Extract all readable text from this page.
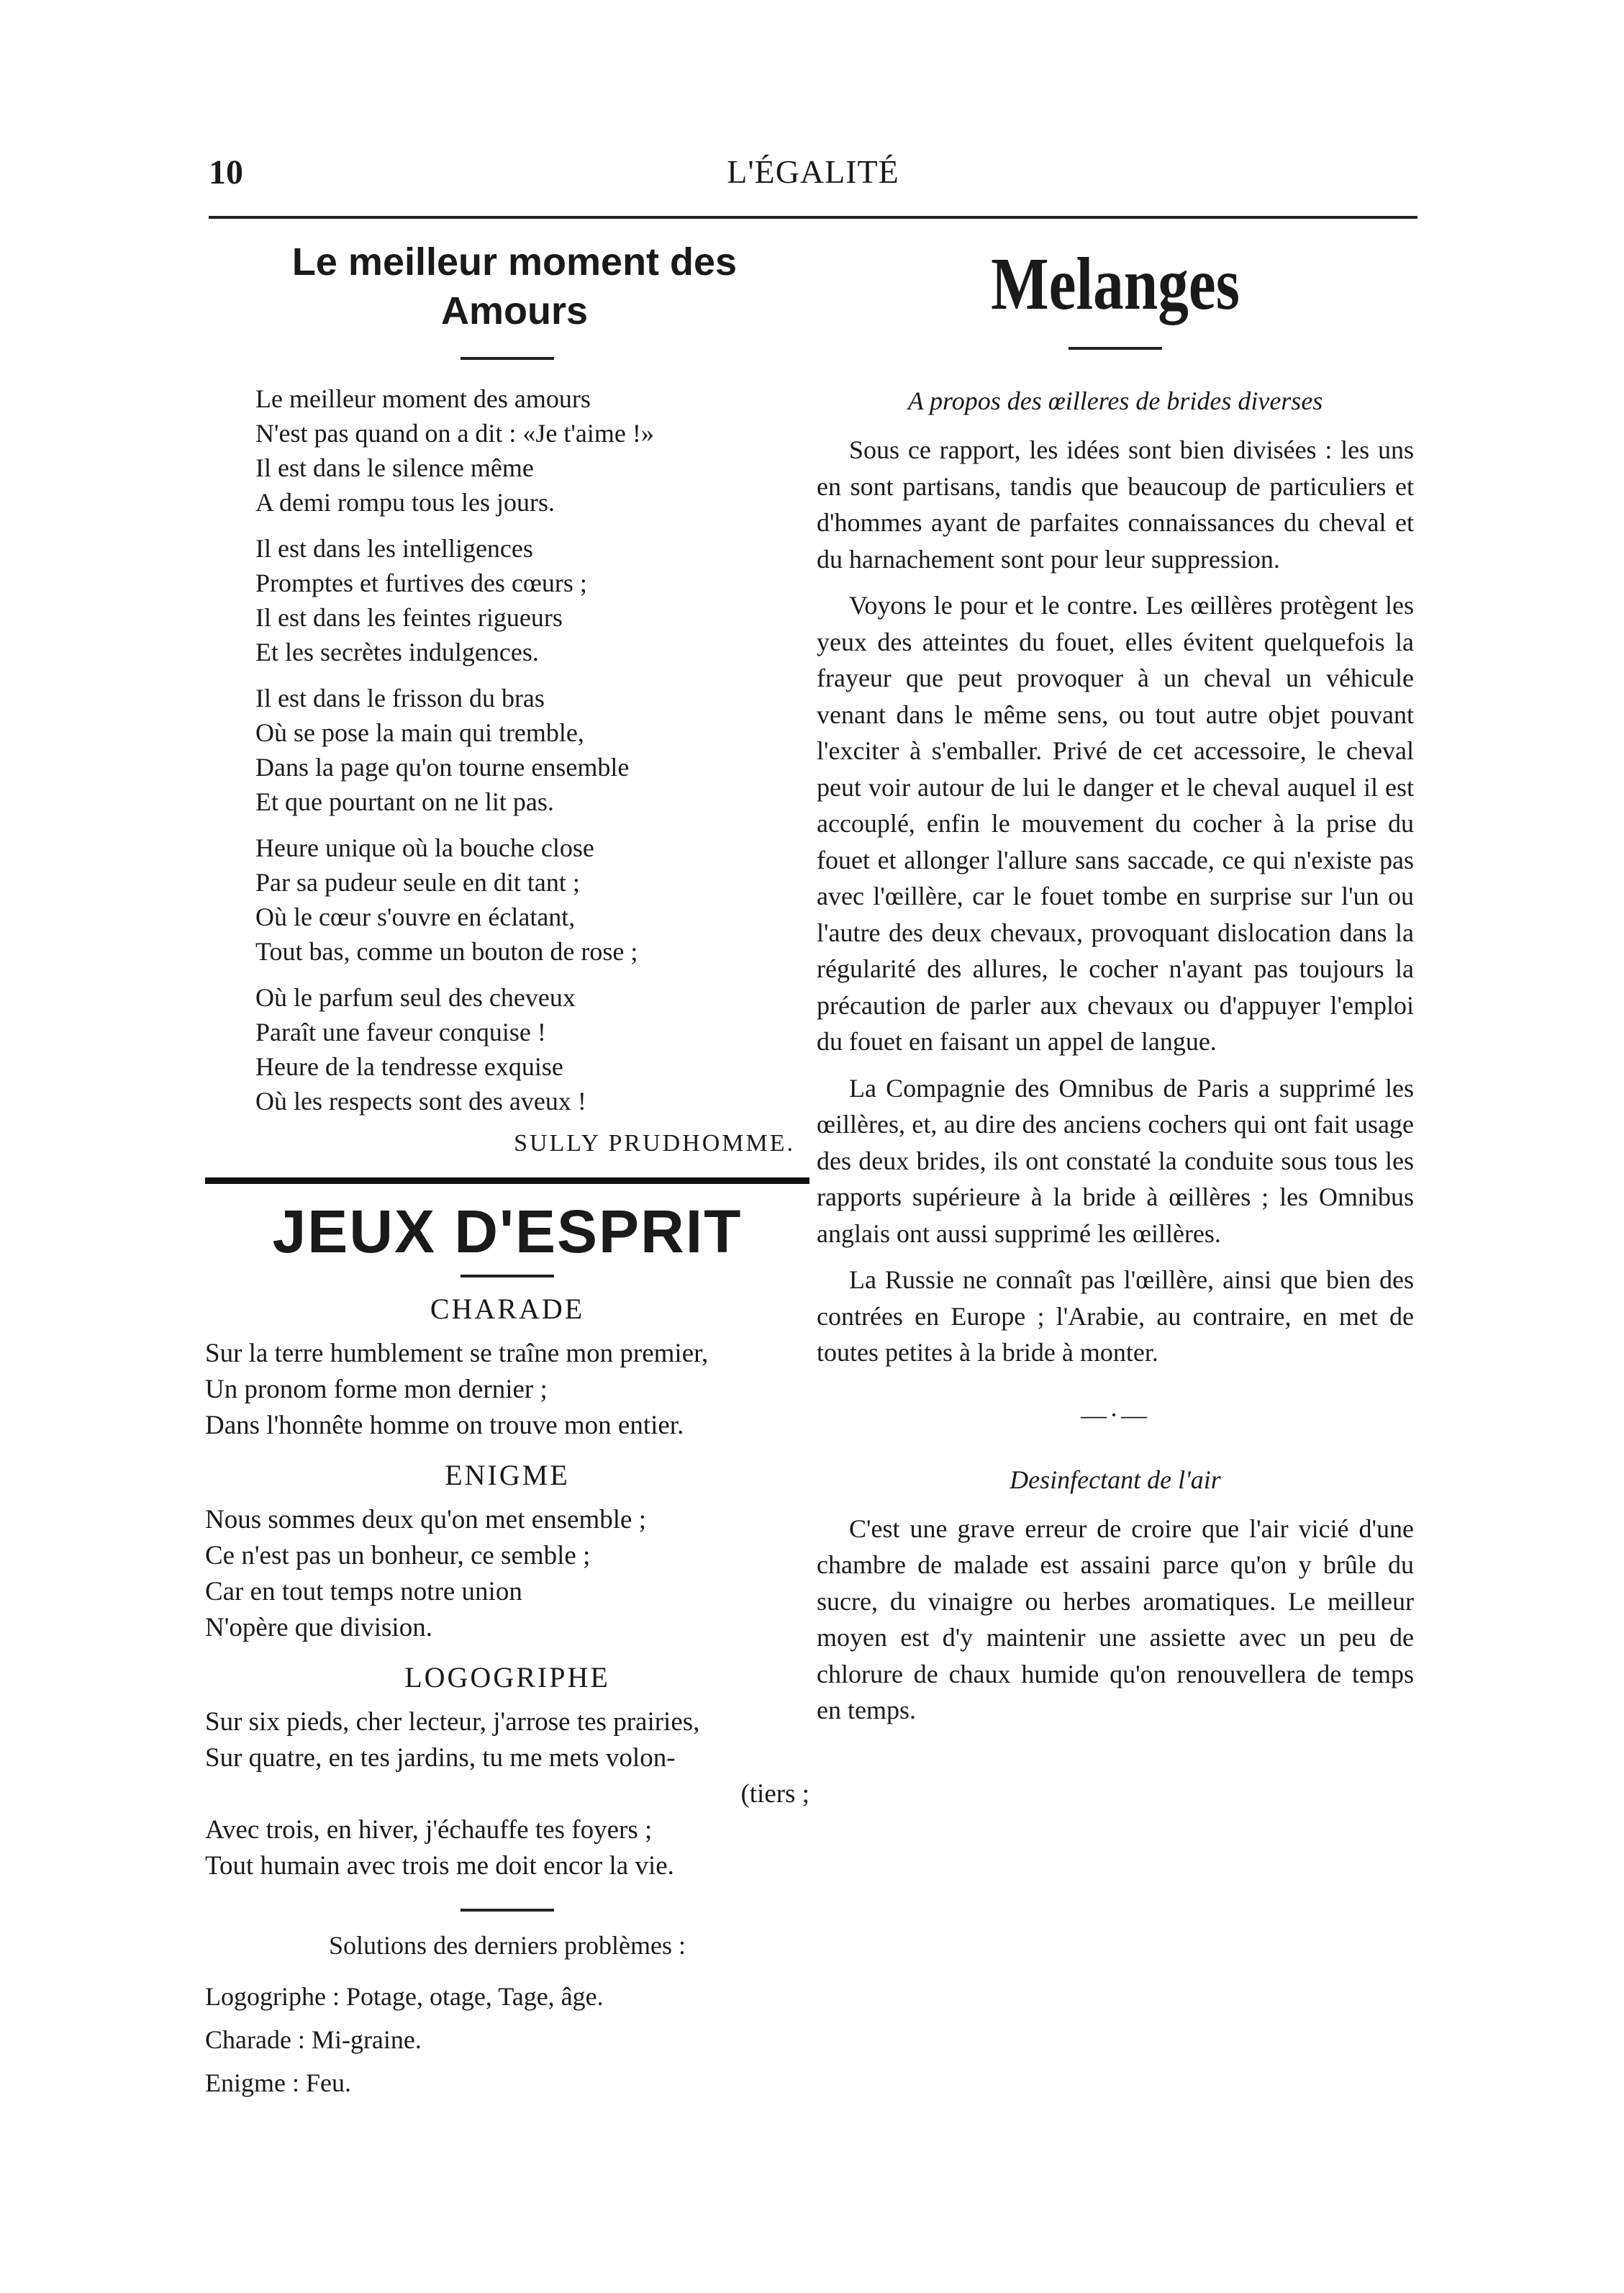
10	L'ÉGALITÉ
Le meilleur moment des
Amours
Le meilleur moment des amours
N'est pas quand on a dit : «Je t'aime !»
Il est dans le silence même
A demi rompu tous les jours.
Il est dans les intelligences
Promptes et furtives des cœurs ;
Il est dans les feintes rigueurs
Et les secrètes indulgences.
Il est dans le frisson du bras
Où se pose la main qui tremble,
Dans la page qu'on tourne ensemble
Et que pourtant on ne lit pas.
Heure unique où la bouche close
Par sa pudeur seule en dit tant ;
Où le cœur s'ouvre en éclatant,
Tout bas, comme un bouton de rose ;
Où le parfum seul des cheveux
Paraît une faveur conquise !
Heure de la tendresse exquise
Où les respects sont des aveux !
SULLY PRUDHOMME.
JEUX D'ESPRIT
CHARADE
Sur la terre humblement se traîne mon premier,
Un pronom forme mon dernier ;
Dans l'honnête homme on trouve mon entier.
ENIGME
Nous sommes deux qu'on met ensemble ;
Ce n'est pas un bonheur, ce semble ;
Car en tout temps notre union
N'opère que division.
LOGOGRIPHE
Sur six pieds, cher lecteur, j'arrose tes prairies,
Sur quatre, en tes jardins, tu me mets volon-
(tiers ;
Avec trois, en hiver, j'échauffe tes foyers ;
Tout humain avec trois me doit encor la vie.
Solutions des derniers problèmes :
Logogriphe : Potage, otage, Tage, âge.
Charade : Mi-graine.
Enigme : Feu.
Melanges
A propos des œilleres de brides diverses

Sous ce rapport, les idées sont bien divisées : les uns en sont partisans, tandis que beaucoup de particuliers et d'hommes ayant de parfaites connaissances du cheval et du harnachement sont pour leur suppression.

Voyons le pour et le contre. Les œillères protègent les yeux des atteintes du fouet, elles évitent quelquefois la frayeur que peut provoquer à un cheval un véhicule venant dans le même sens, ou tout autre objet pouvant l'exciter à s'emballer. Privé de cet accessoire, le cheval peut voir autour de lui le danger et le cheval auquel il est accouplé, enfin le mouvement du cocher à la prise du fouet et allonger l'allure sans saccade, ce qui n'existe pas avec l'œillère, car le fouet tombe en surprise sur l'un ou l'autre des deux chevaux, provoquant dislocation dans la régularité des allures, le cocher n'ayant pas toujours la précaution de parler aux chevaux ou d'appuyer l'emploi du fouet en faisant un appel de langue.

La Compagnie des Omnibus de Paris a supprimé les œillères, et, au dire des anciens cochers qui ont fait usage des deux brides, ils ont constaté la conduite sous tous les rapports supérieure à la bride à œillères ; les Omnibus anglais ont aussi supprimé les œillères.

La Russie ne connaît pas l'œillère, ainsi que bien des contrées en Europe ; l'Arabie, au contraire, en met de toutes petites à la bride à monter.

—·—
Desinfectant de l'air

C'est une grave erreur de croire que l'air vicié d'une chambre de malade est assaini parce qu'on y brûle du sucre, du vinaigre ou herbes aromatiques. Le meilleur moyen est d'y maintenir une assiette avec un peu de chlorure de chaux humide qu'on renouvellera de temps en temps.
